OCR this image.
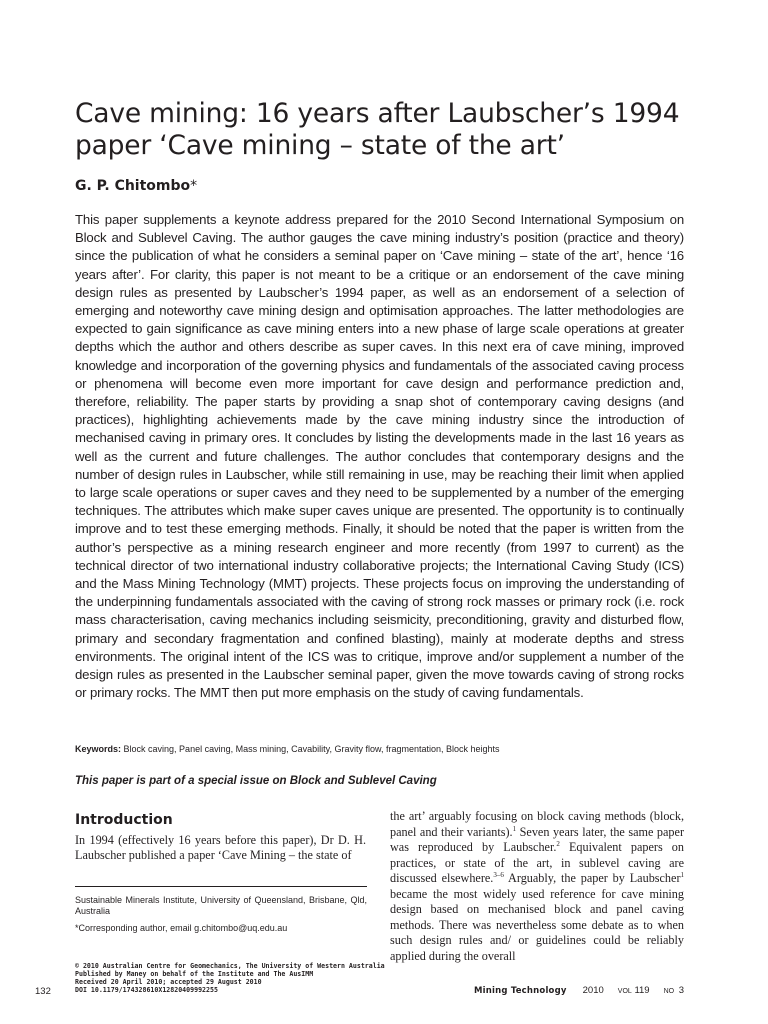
Cave mining: 16 years after Laubscher’s 1994 paper ‘Cave mining – state of the art’
G. P. Chitombo*

This paper supplements a keynote address prepared for the 2010 Second International Symposium on Block and Sublevel Caving. The author gauges the cave mining industry’s position (practice and theory) since the publication of what he considers a seminal paper on ‘Cave mining – state of the art’, hence ‘16 years after’. For clarity, this paper is not meant to be a critique or an endorsement of the cave mining design rules as presented by Laubscher’s 1994 paper, as well as an endorsement of a selection of emerging and noteworthy cave mining design and optimisation approaches. The latter methodologies are expected to gain significance as cave mining enters into a new phase of large scale operations at greater depths which the author and others describe as super caves. In this next era of cave mining, improved knowledge and incorporation of the governing physics and fundamentals of the associated caving process or phenomena will become even more important for cave design and performance prediction and, therefore, reliability. The paper starts by providing a snap shot of contemporary caving designs (and practices), highlighting achievements made by the cave mining industry since the introduction of mechanised caving in primary ores. It concludes by listing the developments made in the last 16 years as well as the current and future challenges. The author concludes that contemporary designs and the number of design rules in Laubscher, while still remaining in use, may be reaching their limit when applied to large scale operations or super caves and they need to be supplemented by a number of the emerging techniques. The attributes which make super caves unique are presented. The opportunity is to continually improve and to test these emerging methods. Finally, it should be noted that the paper is written from the author’s perspective as a mining research engineer and more recently (from 1997 to current) as the technical director of two international industry collaborative projects; the International Caving Study (ICS) and the Mass Mining Technology (MMT) projects. These projects focus on improving the understanding of the underpinning fundamentals associated with the caving of strong rock masses or primary rock (i.e. rock mass characterisation, caving mechanics including seismicity, preconditioning, gravity and disturbed flow, primary and secondary fragmentation and confined blasting), mainly at moderate depths and stress environments. The original intent of the ICS was to critique, improve and/or supplement a number of the design rules as presented in the Laubscher seminal paper, given the move towards caving of strong rocks or primary rocks. The MMT then put more emphasis on the study of caving fundamentals.

Keywords: Block caving, Panel caving, Mass mining, Cavability, Gravity flow, fragmentation, Block heights
This paper is part of a special issue on Block and Sublevel Caving
Introduction

In 1994 (effectively 16 years before this paper), Dr D. H. Laubscher published a paper ‘Cave Mining – the state of

the art’ arguably focusing on block caving methods (block, panel and their variants).$^1$ Seven years later, the same paper was reproduced by Laubscher.$^2$ Equivalent papers on practices, or state of the art, in sublevel caving are discussed elsewhere.$^{3-6}$ Arguably, the paper by Laubscher$^1$ became the most widely used reference for cave mining design based on mechanised block and panel caving methods. There was nevertheless some debate as to when such design rules and/ or guidelines could be reliably applied during the overall

Sustainable Minerals Institute, University of Queensland, Brisbane, Qld, Australia
*Corresponding author, email g.chitombo@uq.edu.au
© 2010 Australian Centre for Geomechanics, The University of Western Australia
Published by Maney on behalf of the Institute and The AusIMM
Received 20 April 2010; accepted 29 August 2010
DOI 10.1179/174328610X12820409992255
132	Mining Technology 2010 VOL 119 NO 3
